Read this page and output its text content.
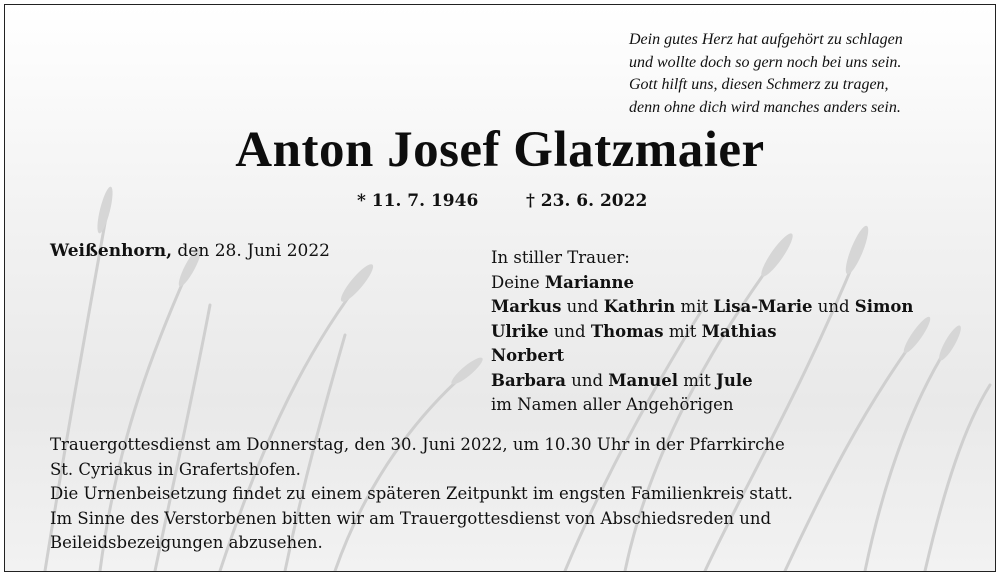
Dein gutes Herz hat aufgehört zu schlagen
und wollte doch so gern noch bei uns sein.
Gott hilft uns, diesen Schmerz zu tragen,
denn ohne dich wird manches anders sein.
Anton Josef Glatzmaier
* 11. 7. 1946	† 23. 6. 2022
Weißenhorn, den 28. Juni 2022	In stiller Trauer:
Deine Marianne
Markus und Kathrin mit Lisa-Marie und Simon
Ulrike und Thomas mit Mathias
Norbert
Barbara und Manuel mit Jule
im Namen aller Angehörigen
Trauergottesdienst am Donnerstag, den 30. Juni 2022, um 10.30 Uhr in der Pfarrkirche
St. Cyriakus in Grafertshofen.
Die Urnenbeisetzung findet zu einem späteren Zeitpunkt im engsten Familienkreis statt.
Im Sinne des Verstorbenen bitten wir am Trauergottesdienst von Abschiedsreden und
Beileidsbezeigungen abzusehen.
